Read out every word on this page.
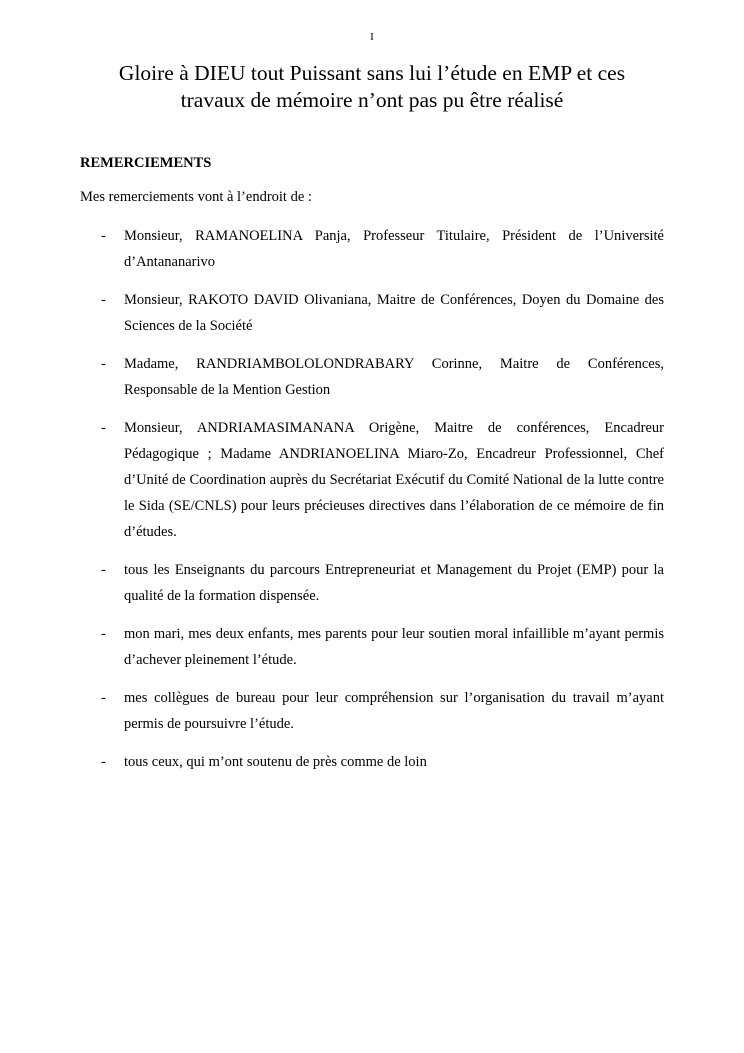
I
Gloire à DIEU tout Puissant sans lui l’étude en EMP et ces
travaux de mémoire n’ont pas pu être réalisé
REMERCIEMENTS
Mes remerciements vont à l’endroit de :
- Monsieur, RAMANOELINA Panja, Professeur Titulaire, Président de l’Université d’Antananarivo
- Monsieur, RAKOTO DAVID Olivaniana, Maitre de Conférences, Doyen du Domaine des Sciences de la Société
- Madame, RANDRIAMBOLOLONDRABARY Corinne, Maitre de Conférences, Responsable de la Mention Gestion
- Monsieur, ANDRIAMASIMANANA Origène, Maitre de conférences, Encadreur Pédagogique ; Madame ANDRIANOELINA Miaro-Zo, Encadreur Professionnel, Chef d’Unité de Coordination auprès du Secrétariat Exécutif du Comité National de la lutte contre le Sida (SE/CNLS) pour leurs précieuses directives dans l’élaboration de ce mémoire de fin d’études.
- tous les Enseignants du parcours Entrepreneuriat et Management du Projet (EMP) pour la qualité de la formation dispensée.
- mon mari, mes deux enfants, mes parents pour leur soutien moral infaillible m’ayant permis d’achever pleinement l’étude.
- mes collègues de bureau pour leur compréhension sur l’organisation du travail m’ayant permis de poursuivre l’étude.
- tous ceux, qui m’ont soutenu de près comme de loin
